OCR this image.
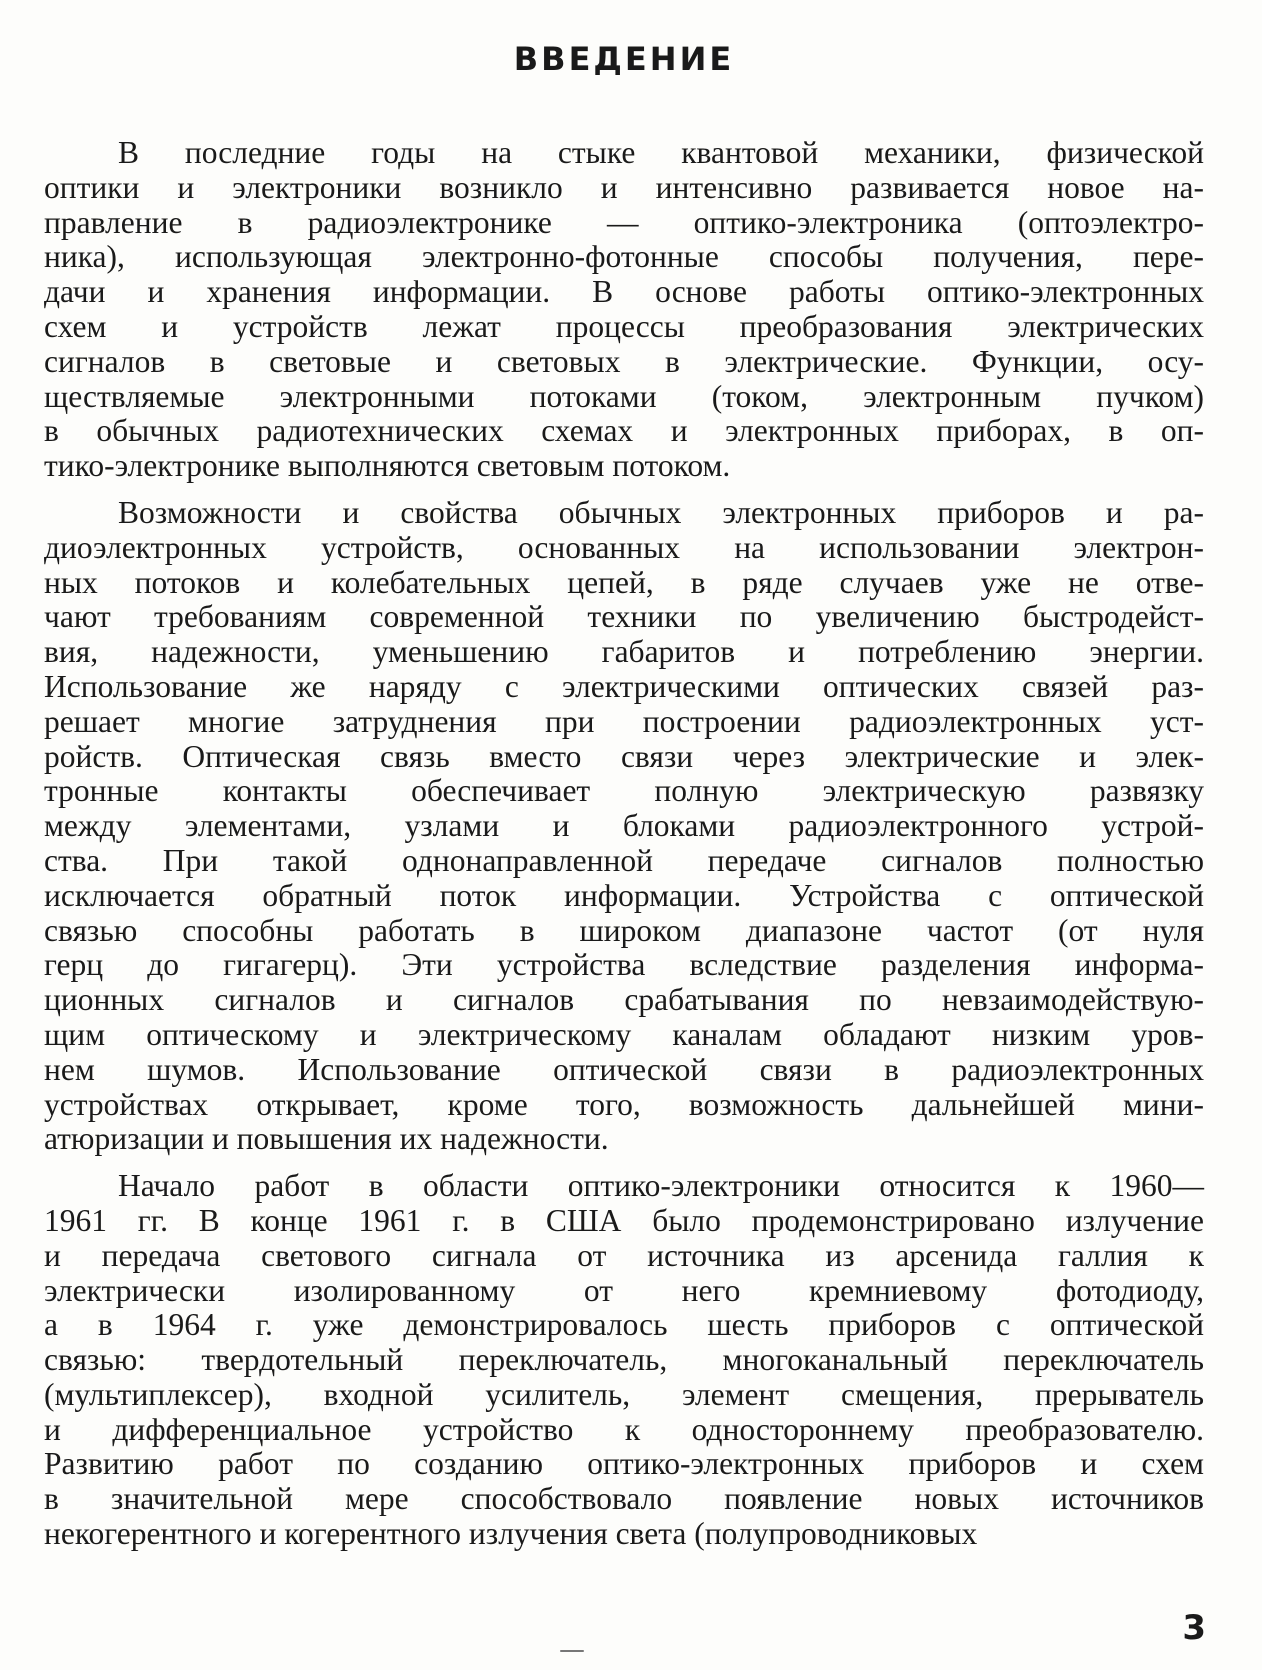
ВВЕДЕНИЕ

В последние годы на стыке квантовой механики, физической
оптики и электроники возникло и интенсивно развивается новое на-
правление в радиоэлектронике — оптико-электроника (оптоэлектро-
ника), использующая электронно-фотонные способы получения, пере-
дачи и хранения информации. В основе работы оптико-электронных
схем и устройств лежат процессы преобразования электрических
сигналов в световые и световых в электрические. Функции, осу-
ществляемые электронными потоками (током, электронным пучком)
в обычных радиотехнических схемах и электронных приборах, в оп-
тико-электронике выполняются световым потоком.

Возможности и свойства обычных электронных приборов и ра-
диоэлектронных устройств, основанных на использовании электрон-
ных потоков и колебательных цепей, в ряде случаев уже не отве-
чают требованиям современной техники по увеличению быстродейст-
вия, надежности, уменьшению габаритов и потреблению энергии.
Использование же наряду с электрическими оптических связей раз-
решает многие затруднения при построении радиоэлектронных уст-
ройств. Оптическая связь вместо связи через электрические и элек-
тронные контакты обеспечивает полную электрическую развязку
между элементами, узлами и блоками радиоэлектронного устрой-
ства. При такой однонаправленной передаче сигналов полностью
исключается обратный поток информации. Устройства с оптической
связью способны работать в широком диапазоне частот (от нуля
герц до гигагерц). Эти устройства вследствие разделения информа-
ционных сигналов и сигналов срабатывания по невзаимодействую-
щим оптическому и электрическому каналам обладают низким уров-
нем шумов. Использование оптической связи в радиоэлектронных
устройствах открывает, кроме того, возможность дальнейшей мини-
атюризации и повышения их надежности.

Начало работ в области оптико-электроники относится к 1960—
1961 гг. В конце 1961 г. в США было продемонстрировано излучение
и передача светового сигнала от источника из арсенида галлия к
электрически изолированному от него кремниевому фотодиоду,
а в 1964 г. уже демонстрировалось шесть приборов с оптической
связью: твердотельный переключатель, многоканальный переключатель
(мультиплексер), входной усилитель, элемент смещения, прерыватель
и дифференциальное устройство к одностороннему преобразователю.
Развитию работ по созданию оптико-электронных приборов и схем
в значительной мере способствовало появление новых источников
некогерентного и когерентного излучения света (полупроводниковых

3
